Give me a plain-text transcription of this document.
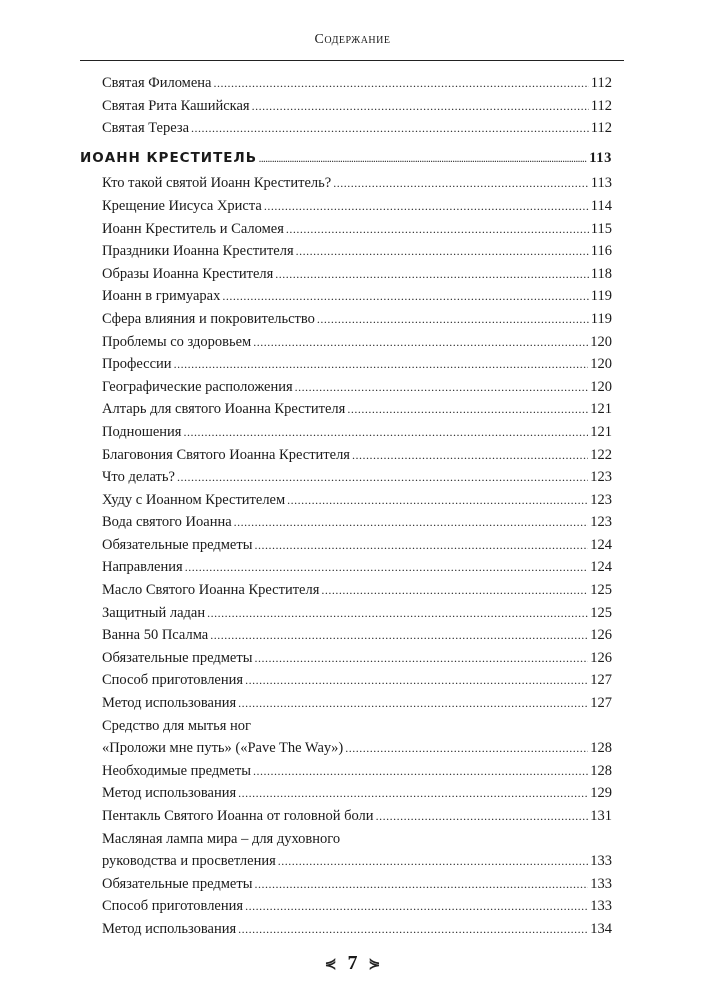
Содержание
Святая Филомена .....	112
Святая Рита Кашийская .....	112
Святая Тереза .....	112
ИОАНН КРЕСТИТЕЛЬ .....	113
Кто такой святой Иоанн Креститель? .....	113
Крещение Иисуса Христа .....	114
Иоанн Креститель и Саломея .....	115
Праздники Иоанна Крестителя .....	116
Образы Иоанна Крестителя .....	118
Иоанн в гримуарах .....	119
Сфера влияния и покровительство .....	119
Проблемы со здоровьем .....	120
Профессии .....	120
Географические расположения .....	120
Алтарь для святого Иоанна Крестителя .....	121
Подношения .....	121
Благовония Святого Иоанна Крестителя .....	122
Что делать? .....	123
Худу с Иоанном Крестителем .....	123
Вода святого Иоанна .....	123
Обязательные предметы .....	124
Направления .....	124
Масло Святого Иоанна Крестителя .....	125
Защитный ладан .....	125
Ванна 50 Псалма .....	126
Обязательные предметы .....	126
Способ приготовления .....	127
Метод использования .....	127
Средство для мытья ног
«Проложи мне путь» («Pave The Way») .....	128
Необходимые предметы .....	128
Метод использования .....	129
Пентакль Святого Иоанна от головной боли .....	131
Масляная лампа мира – для духовного
руководства и просветления .....	133
Обязательные предметы .....	133
Способ приготовления .....	133
Метод использования .....	134
⋞ 7 ⋟
